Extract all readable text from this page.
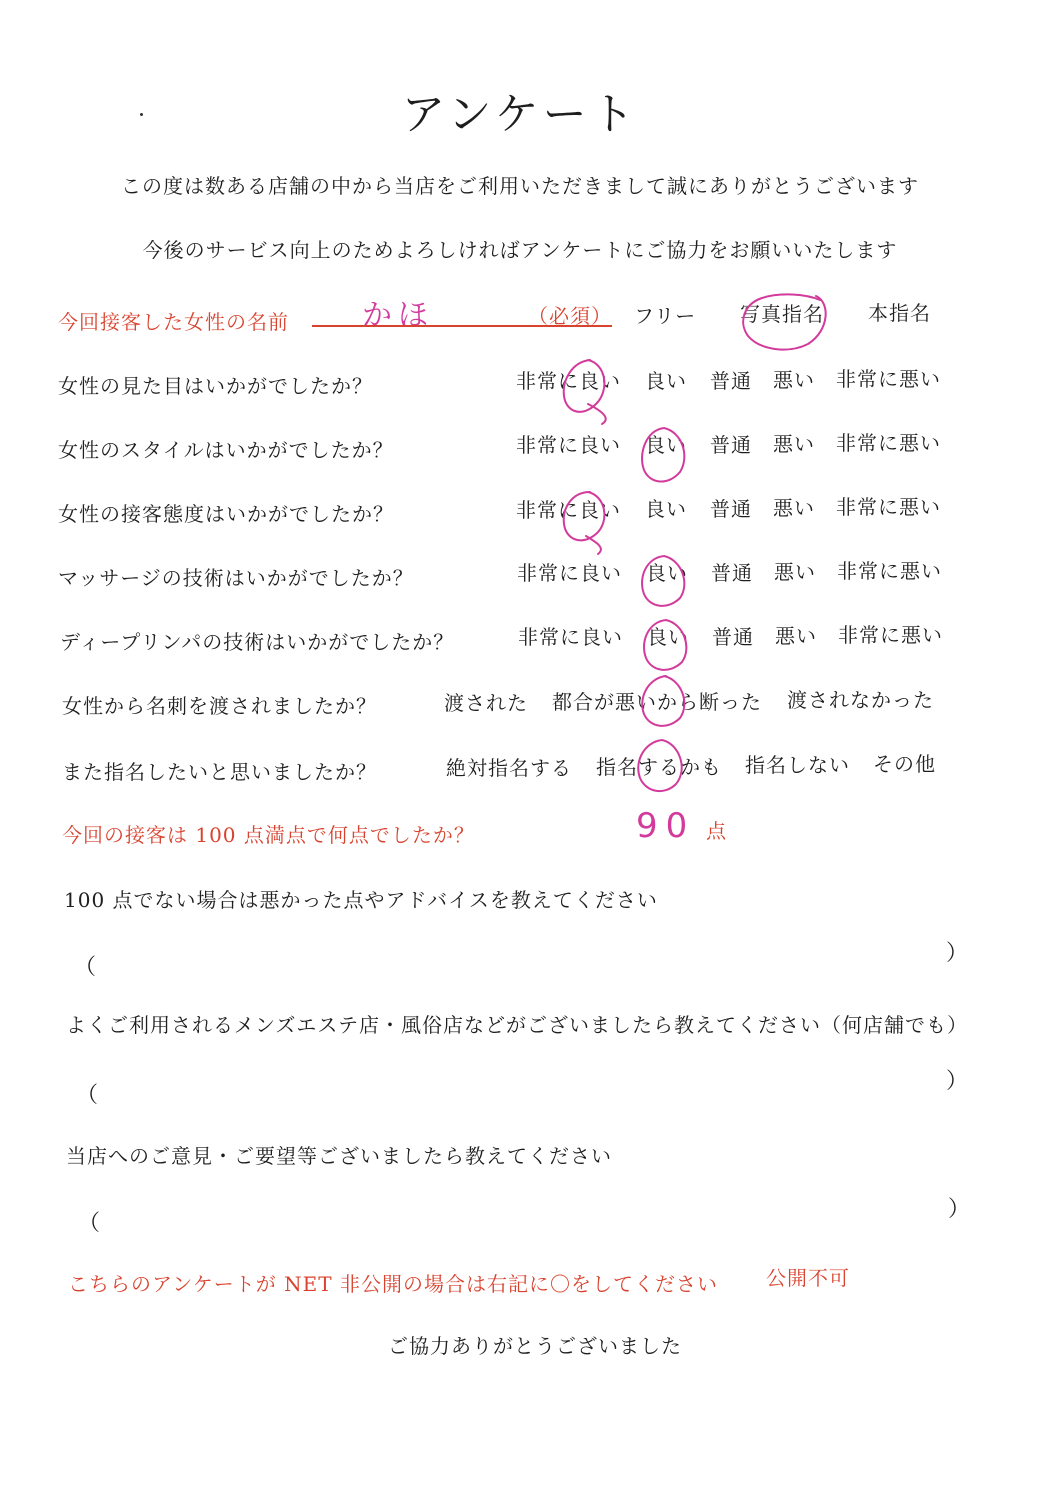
アンケート
この度は数ある店舗の中から当店をご利用いただきまして誠にありがとうございます
今後のサービス向上のためよろしければアンケートにご協力をお願いいたします
今回接客した女性の名前 かほ	（必須） フリー 写真指名 本指名
女性の見た目はいかがでしたか？	非常に良い 良い 普通 悪い 非常に悪い
女性のスタイルはいかがでしたか？	非常に良い 良い 普通 悪い 非常に悪い
女性の接客態度はいかがでしたか？	非常に良い 良い 普通 悪い 非常に悪い
マッサージの技術はいかがでしたか？	非常に良い 良い 普通 悪い 非常に悪い
ディープリンパの技術はいかがでしたか？	非常に良い 良い 普通 悪い 非常に悪い
女性から名刺を渡されましたか？	渡された 都合が悪いから断った 渡されなかった
また指名したいと思いましたか？	絶対指名する 指名するかも 指名しない その他
今回の接客は 100 点満点で何点でしたか？	90 点
100 点でない場合は悪かった点やアドバイスを教えてください
（
）
よくご利用されるメンズエステ店・風俗店などがございましたら教えてください（何店舗でも）
（
）
当店へのご意見・ご要望等ございましたら教えてください
（
）
こちらのアンケートが NET 非公開の場合は右記に〇をしてください 公開不可
ご協力ありがとうございました
